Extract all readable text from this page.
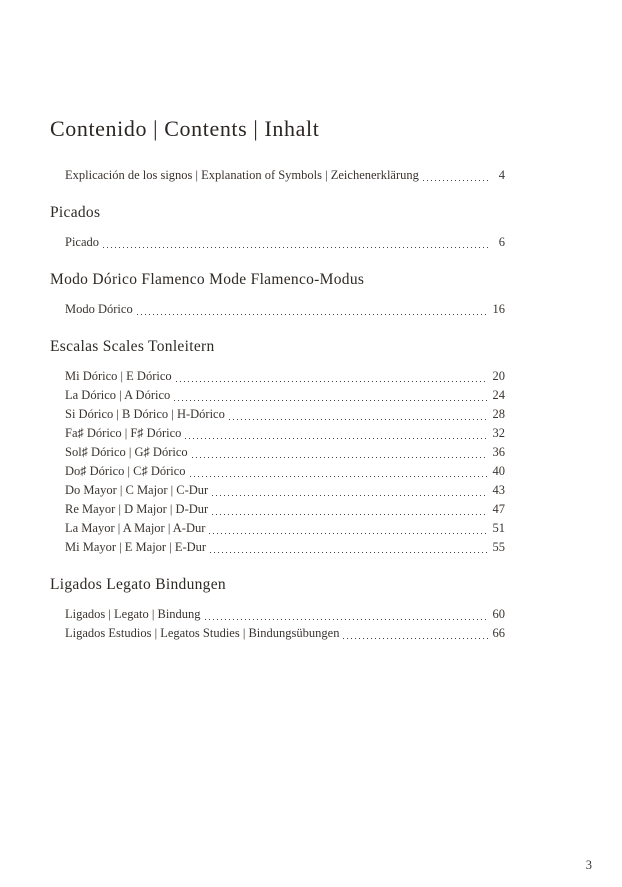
Contenido | Contents | Inhalt
Explicación de los signos | Explanation of Symbols | Zeichenerklärung	4
Picados
Picado	6
Modo Dórico Flamenco Mode Flamenco-Modus
Modo Dórico	16
Escalas Scales Tonleitern
Mi Dórico | E Dórico	20
La Dórico | A Dórico	24
Si Dórico | B Dórico | H-Dórico	28
Fa♯ Dórico | F♯ Dórico	32
Sol♯ Dórico | G♯ Dórico	36
Do♯ Dórico | C♯ Dórico	40
Do Mayor | C Major | C-Dur	43
Re Mayor | D Major | D-Dur	47
La Mayor | A Major | A-Dur	51
Mi Mayor | E Major | E-Dur	55
Ligados Legato Bindungen
Ligados | Legato | Bindung	60
Ligados Estudios | Legatos Studies | Bindungsübungen	66
3
